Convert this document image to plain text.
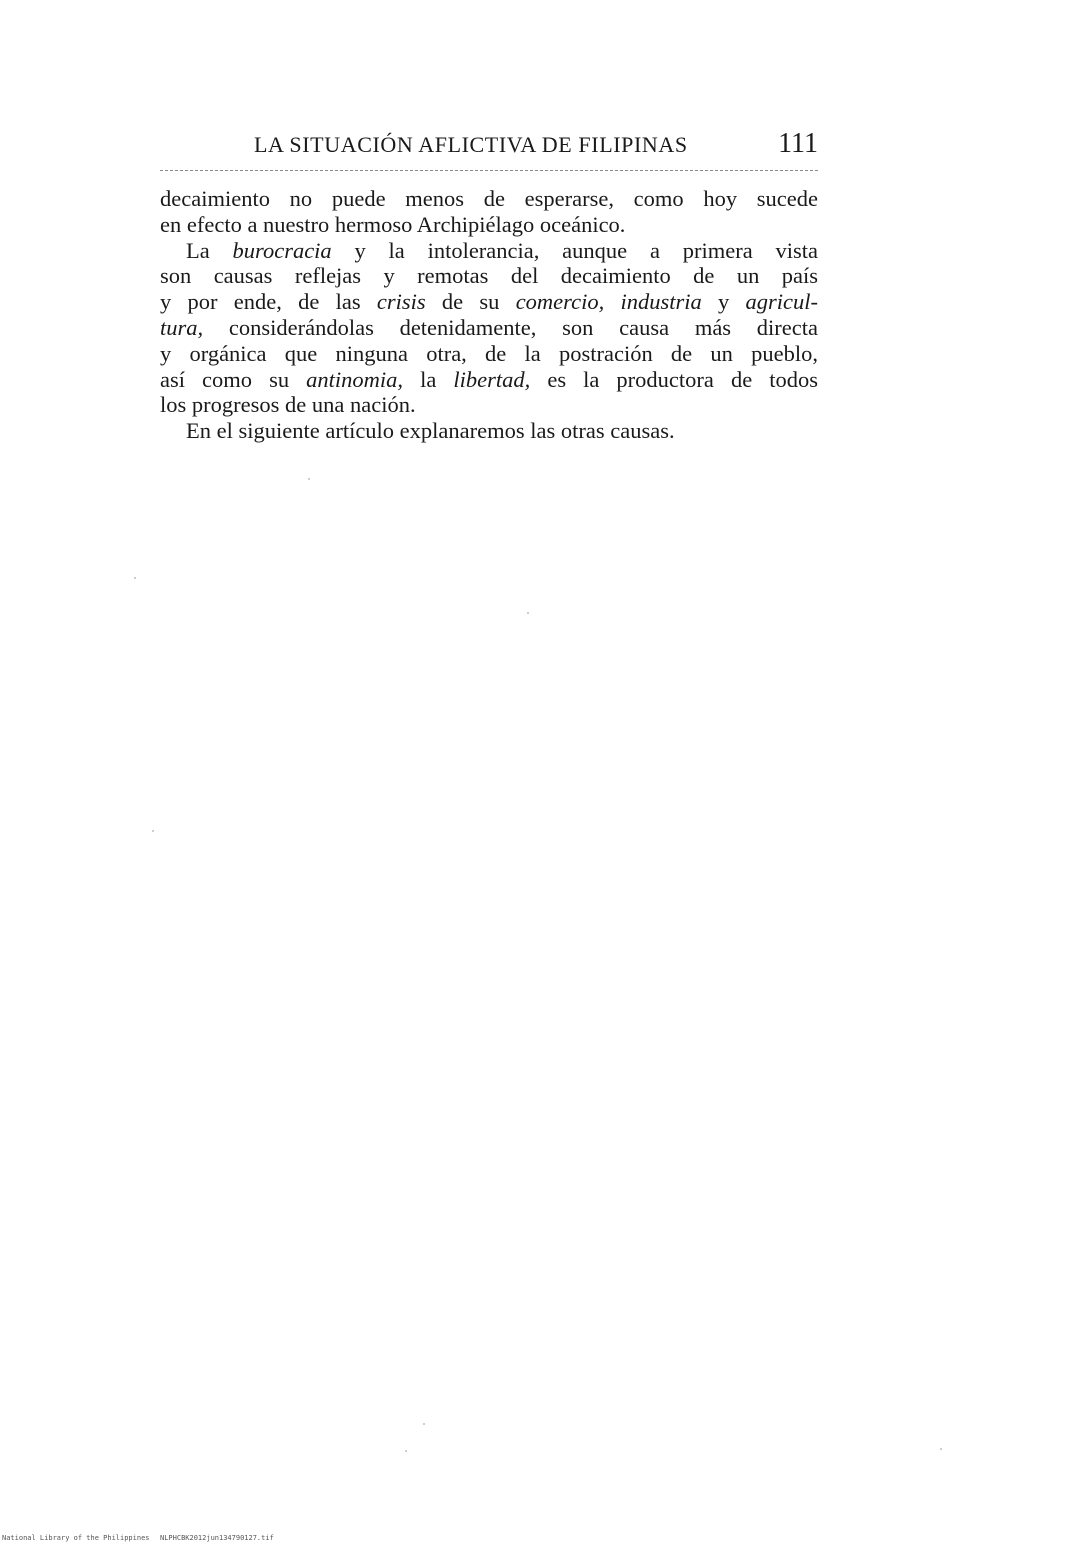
LA SITUACIÓN AFLICTIVA DE FILIPINAS	111

decaimiento no puede menos de esperarse, como hoy sucede
en efecto a nuestro hermoso Archipiélago oceánico.

La burocracia y la intolerancia, aunque a primera vista
son causas reflejas y remotas del decaimiento de un país
y por ende, de las crisis de su comercio, industria y agricul-
tura, considerándolas detenidamente, son causa más directa
y orgánica que ninguna otra, de la postración de un pueblo,
así como su antinomia, la libertad, es la productora de todos
los progresos de una nación.

En el siguiente artículo explanaremos las otras causas.

National Library of the Philippines NLPHCBK2012jun134790127.tif
